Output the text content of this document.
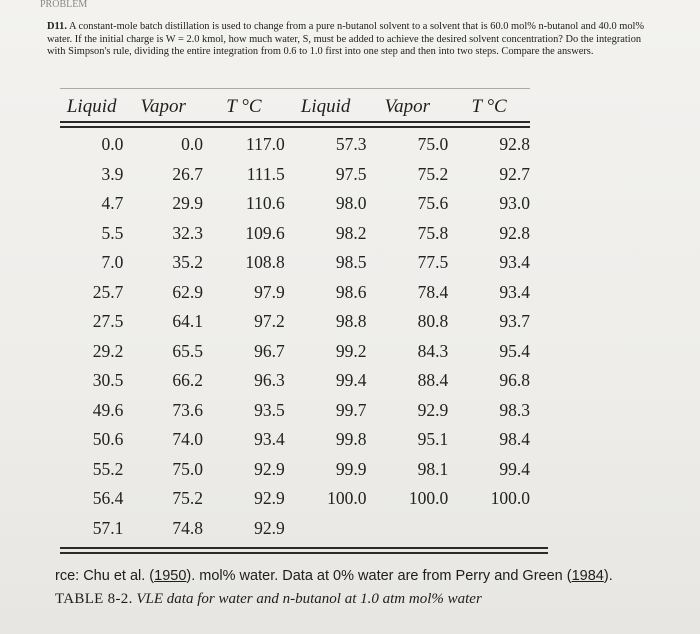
PROBLEM
D11. A constant-mole batch distillation is used to change from a pure n-butanol solvent to a solvent that is 60.0 mol% n-butanol and 40.0 mol% water. If the initial charge is W = 2.0 kmol, how much water, S, must be added to achieve the desired solvent concentration? Do the integration with Simpson's rule, dividing the entire integration from 0.6 to 1.0 first into one step and then into two steps. Compare the answers.
Liquid	Vapor	T °C	Liquid	Vapor	T °C

0.0	0.0	117.0	57.3	75.0	92.8
3.9	26.7	111.5	97.5	75.2	92.7
4.7	29.9	110.6	98.0	75.6	93.0
5.5	32.3	109.6	98.2	75.8	92.8
7.0	35.2	108.8	98.5	77.5	93.4
25.7	62.9	97.9	98.6	78.4	93.4
27.5	64.1	97.2	98.8	80.8	93.7
29.2	65.5	96.7	99.2	84.3	95.4
30.5	66.2	96.3	99.4	88.4	96.8
49.6	73.6	93.5	99.7	92.9	98.3
50.6	74.0	93.4	99.8	95.1	98.4
55.2	75.0	92.9	99.9	98.1	99.4
56.4	75.2	92.9	100.0	100.0	100.0
57.1	74.8	92.9			
rce: Chu et al. (1950). mol% water. Data at 0% water are from Perry and Green (1984).
TABLE 8-2. VLE data for water and n-butanol at 1.0 atm mol% water
